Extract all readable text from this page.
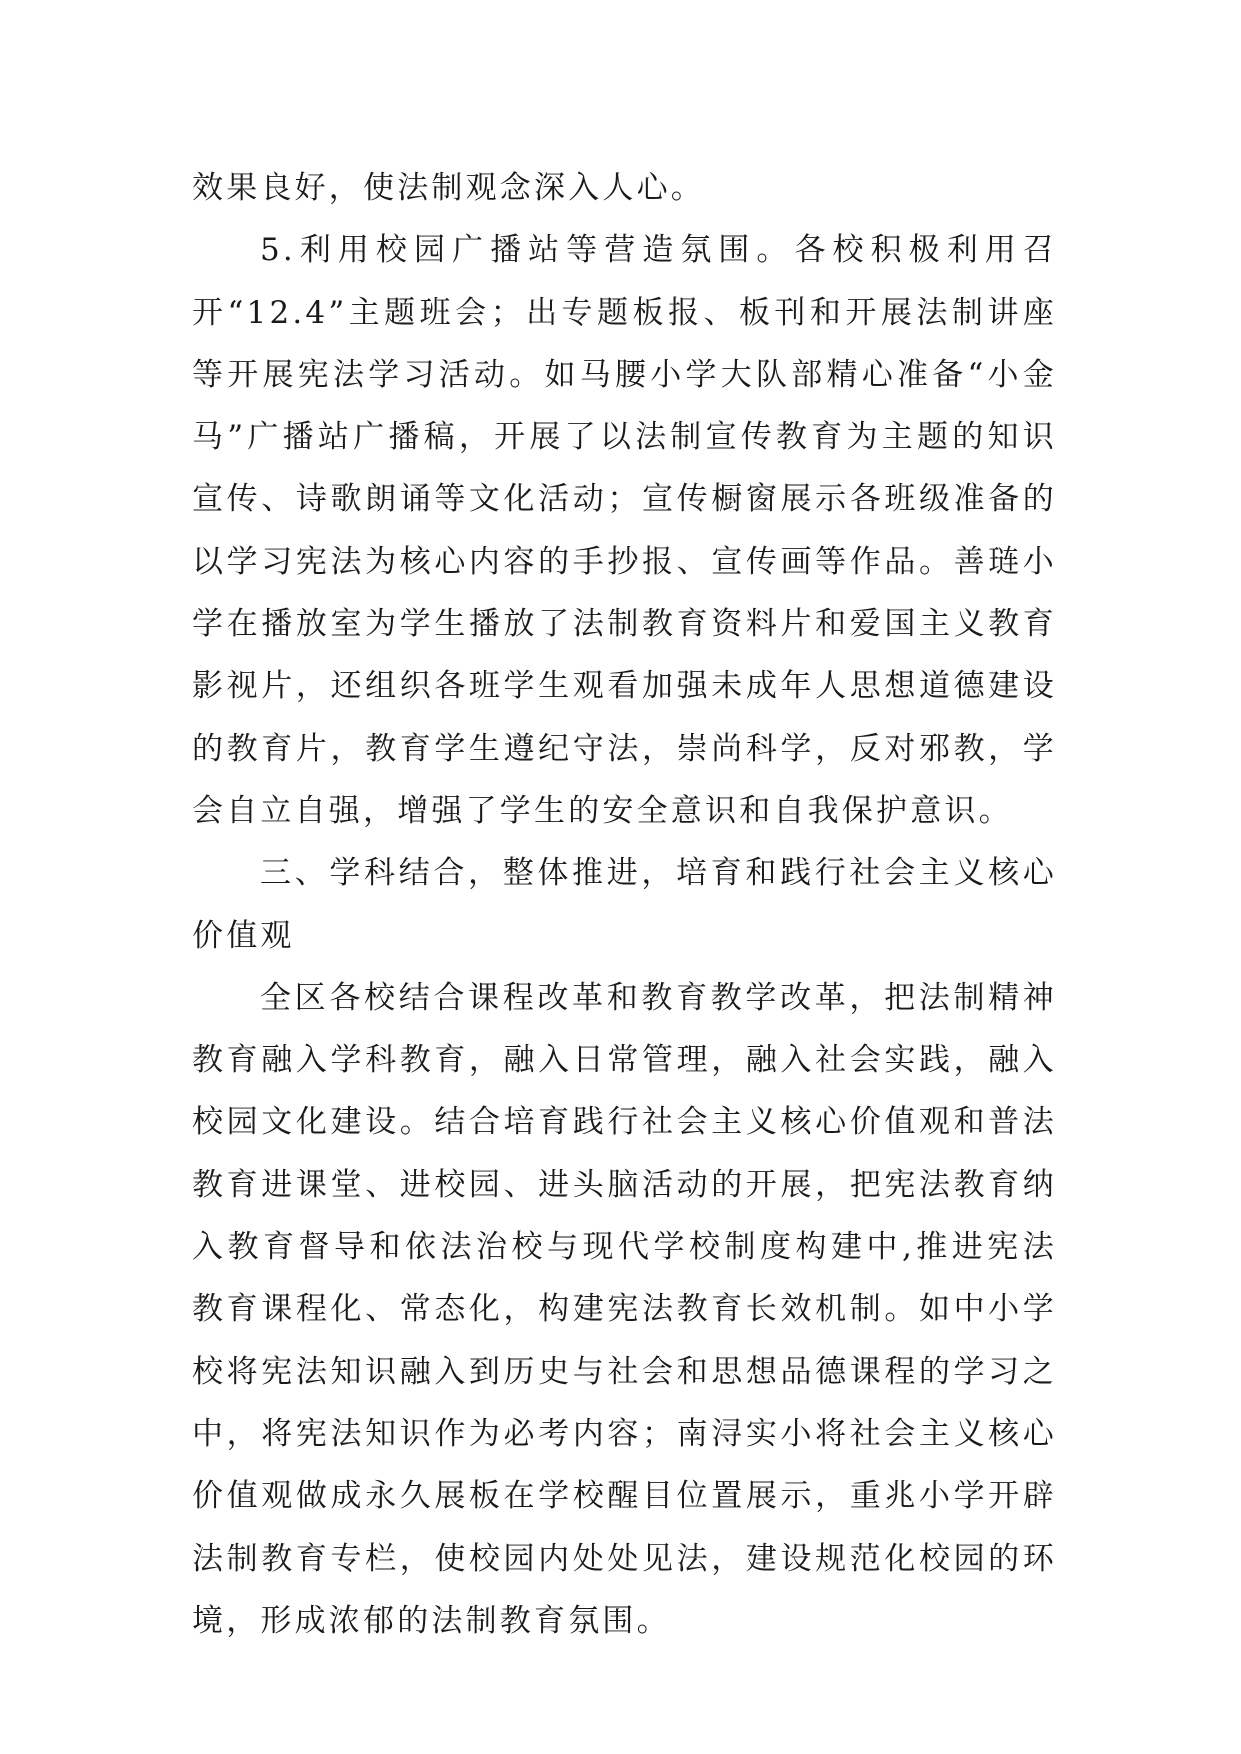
效果良好，使法制观念深入人心。

5.利用校园广播站等营造氛围。各校积极利用召开“12.4”主题班会；出专题板报、板刊和开展法制讲座等开展宪法学习活动。如马腰小学大队部精心准备“小金马”广播站广播稿，开展了以法制宣传教育为主题的知识宣传、诗歌朗诵等文化活动；宣传橱窗展示各班级准备的以学习宪法为核心内容的手抄报、宣传画等作品。善琏小学在播放室为学生播放了法制教育资料片和爱国主义教育影视片，还组织各班学生观看加强未成年人思想道德建设的教育片，教育学生遵纪守法，崇尚科学，反对邪教，学会自立自强，增强了学生的安全意识和自我保护意识。

三、学科结合，整体推进，培育和践行社会主义核心价值观

全区各校结合课程改革和教育教学改革，把法制精神教育融入学科教育，融入日常管理，融入社会实践，融入校园文化建设。结合培育践行社会主义核心价值观和普法教育进课堂、进校园、进头脑活动的开展，把宪法教育纳入教育督导和依法治校与现代学校制度构建中,推进宪法教育课程化、常态化，构建宪法教育长效机制。如中小学校将宪法知识融入到历史与社会和思想品德课程的学习之中，将宪法知识作为必考内容；南浔实小将社会主义核心价值观做成永久展板在学校醒目位置展示，重兆小学开辟法制教育专栏，使校园内处处见法，建设规范化校园的环境，形成浓郁的法制教育氛围。
